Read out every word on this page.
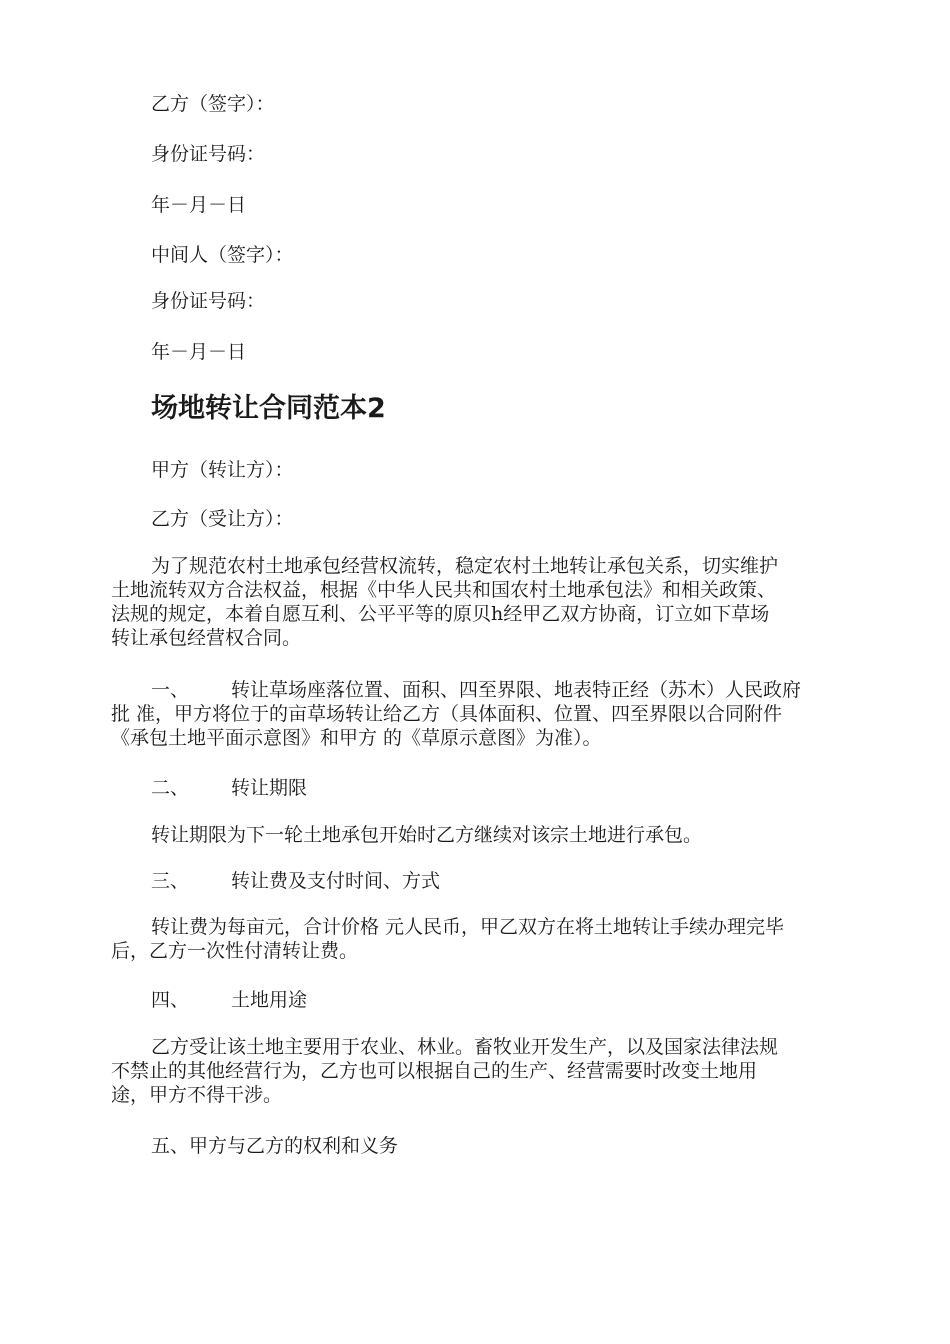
乙方（签字）：
身份证号码：
年－月－日
中间人（签字）：
身份证号码：
年－月－日
场地转让合同范本2
甲方（转让方）：
乙方（受让方）：
为了规范农村土地承包经营权流转，稳定农村土地转让承包关系，切实维护
土地流转双方合法权益，根据《中华人民共和国农村土地承包法》和相关政策、
法规的规定，本着自愿互利、公平平等的原贝h经甲乙双方协商，订立如下草场
转让承包经营权合同。
一、 转让草场座落位置、面积、四至界限、地表特正经（苏木）人民政府
批 准，甲方将位于的亩草场转让给乙方（具体面积、位置、四至界限以合同附件
《承包土地平面示意图》和甲方 的《草原示意图》为准）。
二、 转让期限
转让期限为下一轮土地承包开始时乙方继续对该宗土地进行承包。
三、 转让费及支付时间、方式
转让费为每亩元，合计价格 元人民币，甲乙双方在将土地转让手续办理完毕
后，乙方一次性付清转让费。
四、 土地用途
乙方受让该土地主要用于农业、林业。畜牧业开发生产，以及国家法律法规
不禁止的其他经营行为，乙方也可以根据自己的生产、经营需要时改变土地用
途，甲方不得干涉。
五、甲方与乙方的权利和义务
